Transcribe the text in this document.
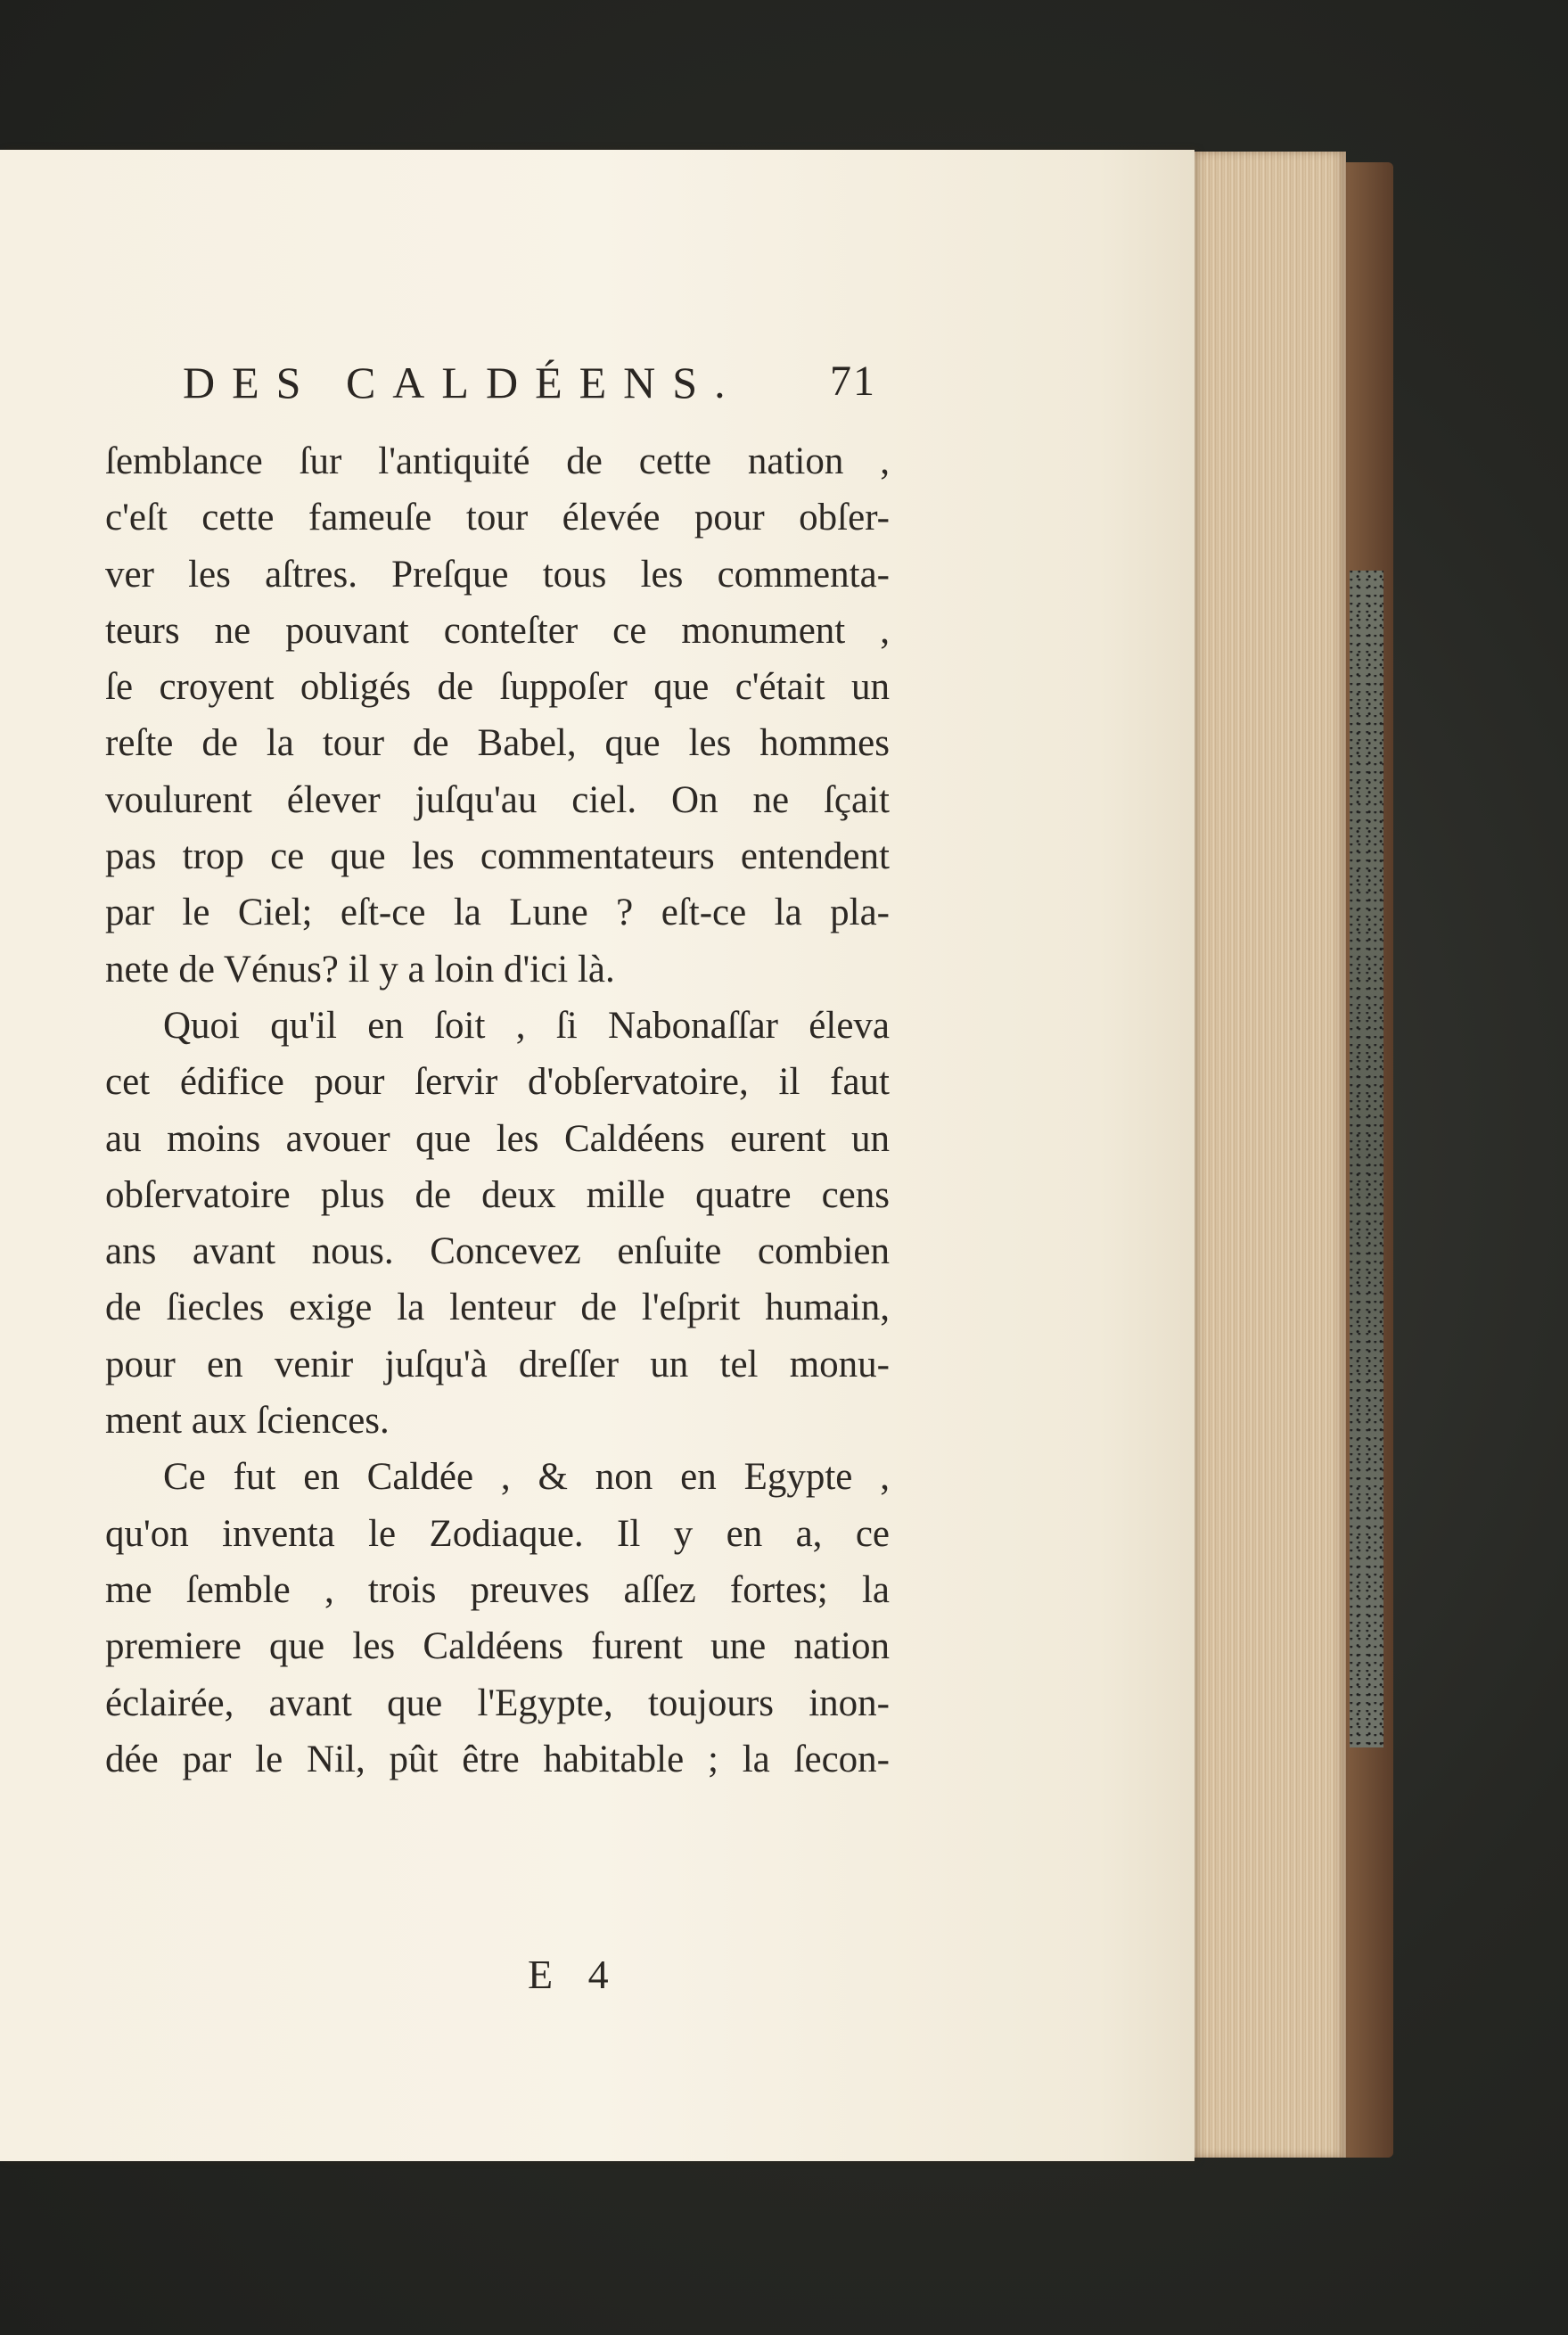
DES CALDÉENS. 71
ſemblance ſur l'antiquité de cette nation ,
c'eſt cette fameuſe tour élevée pour obſer-
ver les aſtres. Preſque tous les commenta-
teurs ne pouvant conteſter ce monument ,
ſe croyent obligés de ſuppoſer que c'était un
reſte de la tour de Babel, que les hommes
voulurent élever juſqu'au ciel. On ne ſçait
pas trop ce que les commentateurs entendent
par le Ciel; eſt-ce la Lune ? eſt-ce la pla-
nete de Vénus? il y a loin d'ici là.
Quoi qu'il en ſoit , ſi Nabonaſſar éleva
cet édifice pour ſervir d'obſervatoire, il faut
au moins avouer que les Caldéens eurent un
obſervatoire plus de deux mille quatre cens
ans avant nous. Concevez enſuite combien
de ſiecles exige la lenteur de l'eſprit humain,
pour en venir juſqu'à dreſſer un tel monu-
ment aux ſciences.
Ce fut en Caldée , & non en Egypte ,
qu'on inventa le Zodiaque. Il y en a, ce
me ſemble , trois preuves aſſez fortes; la
premiere que les Caldéens furent une nation
éclairée, avant que l'Egypte, toujours inon-
dée par le Nil, pût être habitable ; la ſecon-
E 4
